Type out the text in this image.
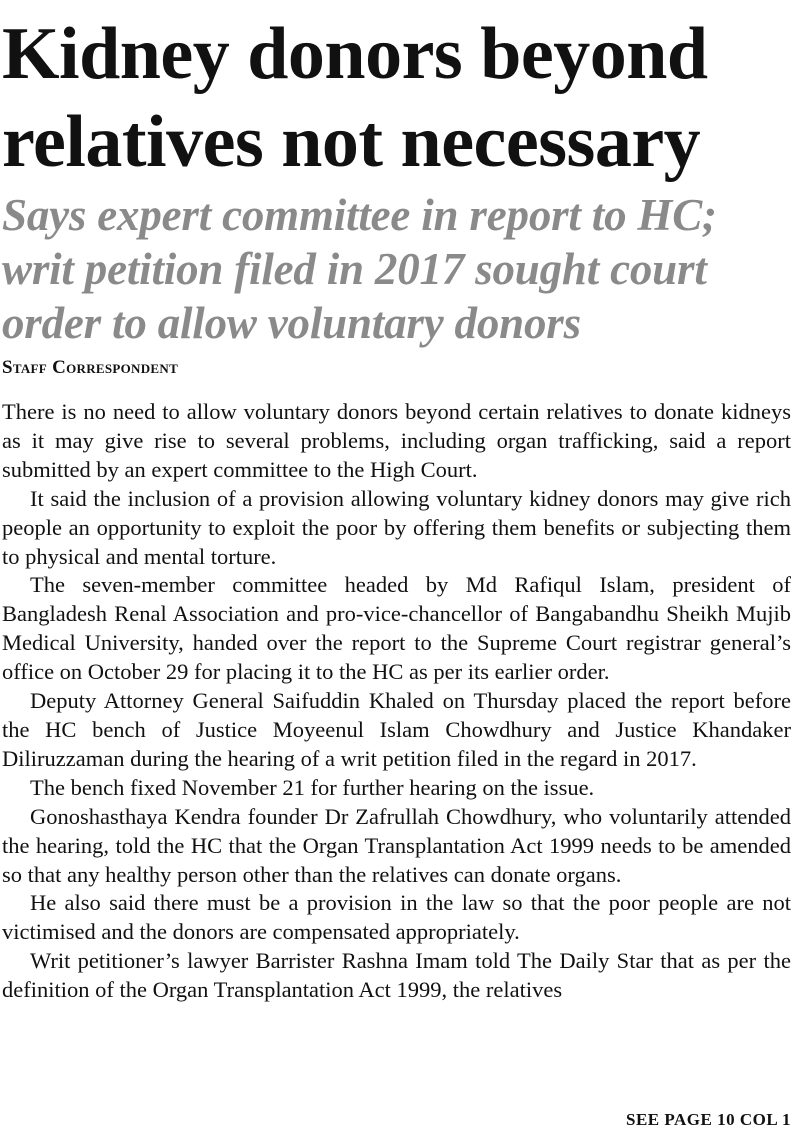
Kidney donors beyond relatives not necessary
Says expert committee in report to HC; writ petition filed in 2017 sought court order to allow voluntary donors
Staff Correspondent

There is no need to allow voluntary donors beyond certain relatives to donate kidneys as it may give rise to several problems, including organ trafficking, said a report submitted by an expert committee to the High Court.

It said the inclusion of a provision allowing voluntary kidney donors may give rich people an opportunity to exploit the poor by offering them benefits or subjecting them to physical and mental torture.

The seven-member committee headed by Md Rafiqul Islam, president of Bangladesh Renal Association and pro-vice-chancellor of Bangabandhu Sheikh Mujib Medical University, handed over the report to the Supreme Court registrar general’s office on October 29 for placing it to the HC as per its earlier order.

Deputy Attorney General Saifuddin Khaled on Thursday placed the report before the HC bench of Justice Moyeenul Islam Chowdhury and Justice Khandaker Diliruzzaman during the hearing of a writ petition filed in the regard in 2017.

The bench fixed November 21 for further hearing on the issue.

Gonoshasthaya Kendra founder Dr Zafrullah Chowdhury, who voluntarily attended the hearing, told the HC that the Organ Transplantation Act 1999 needs to be amended so that any healthy person other than the relatives can donate organs.

He also said there must be a provision in the law so that the poor people are not victimised and the donors are compensated appropriately.

Writ petitioner’s lawyer Barrister Rashna Imam told The Daily Star that as per the definition of the Organ Transplantation Act 1999, the relatives

SEE PAGE 10 COL 1
